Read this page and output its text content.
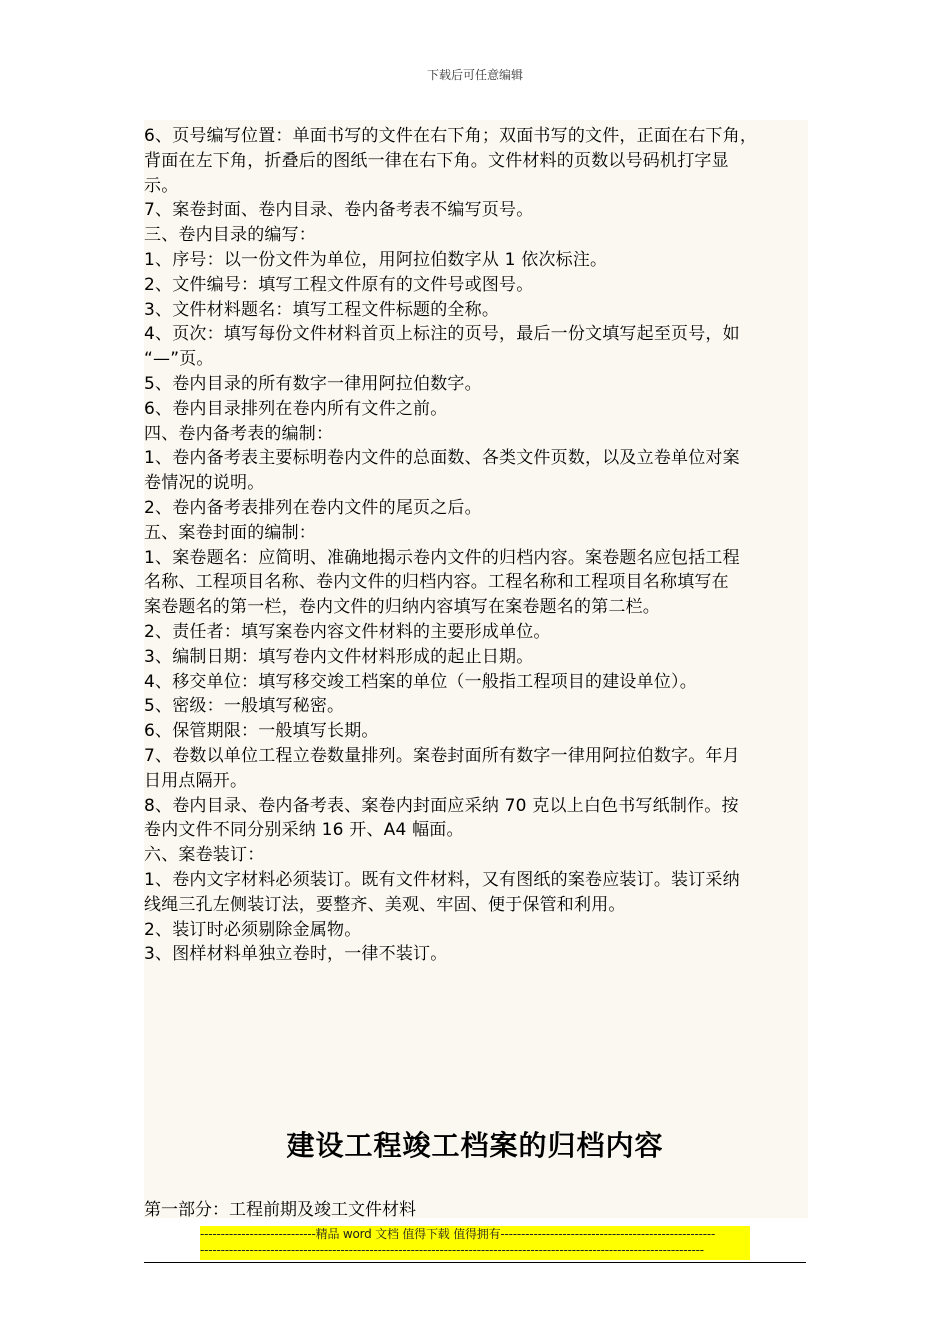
下载后可任意编辑
6、页号编写位置：单面书写的文件在右下角；双面书写的文件，正面在右下角，
背面在左下角，折叠后的图纸一律在右下角。文件材料的页数以号码机打字显
示。
7、案卷封面、卷内目录、卷内备考表不编写页号。
三、卷内目录的编写：
1、序号：以一份文件为单位，用阿拉伯数字从 1 依次标注。
2、文件编号：填写工程文件原有的文件号或图号。
3、文件材料题名：填写工程文件标题的全称。
4、页次：填写每份文件材料首页上标注的页号，最后一份文填写起至页号，如
“—”页。
5、卷内目录的所有数字一律用阿拉伯数字。
6、卷内目录排列在卷内所有文件之前。
四、卷内备考表的编制：
1、卷内备考表主要标明卷内文件的总面数、各类文件页数，以及立卷单位对案
卷情况的说明。
2、卷内备考表排列在卷内文件的尾页之后。
五、案卷封面的编制：
1、案卷题名：应简明、准确地揭示卷内文件的归档内容。案卷题名应包括工程
名称、工程项目名称、卷内文件的归档内容。工程名称和工程项目名称填写在
案卷题名的第一栏，卷内文件的归纳内容填写在案卷题名的第二栏。
2、责任者：填写案卷内容文件材料的主要形成单位。
3、编制日期：填写卷内文件材料形成的起止日期。
4、移交单位：填写移交竣工档案的单位（一般指工程项目的建设单位）。
5、密级：一般填写秘密。
6、保管期限：一般填写长期。
7、卷数以单位工程立卷数量排列。案卷封面所有数字一律用阿拉伯数字。年月
日用点隔开。
8、卷内目录、卷内备考表、案卷内封面应采纳 70 克以上白色书写纸制作。按
卷内文件不同分别采纳 16 开、A4 幅面。
六、案卷装订：
1、卷内文字材料必须装订。既有文件材料，又有图纸的案卷应装订。装订采纳
线绳三孔左侧装订法，要整齐、美观、牢固、便于保管和利用。
2、装订时必须剔除金属物。
3、图样材料单独立卷时，一律不装订。
建设工程竣工档案的归档内容
第一部分：工程前期及竣工文件材料
----------------------------精品 word 文档 值得下载 值得拥有----------------------------------------------------
--------------------------------------------------------------------------------------------------------------------------
